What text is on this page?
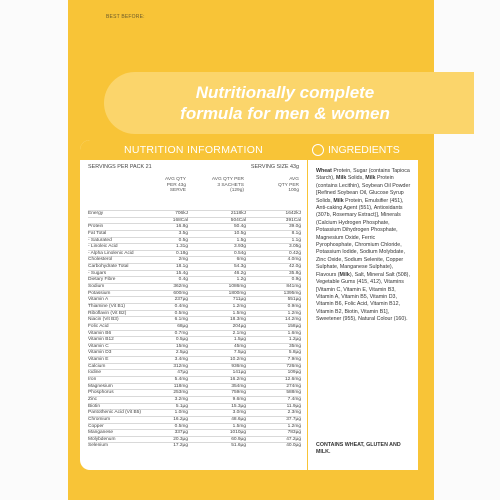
BEST BEFORE:
Nutritionally complete
formula for men & women
NUTRITION INFORMATION
SERVINGS PER PACK 21	SERVING SIZE 43g
AVG QTY
PER 43g
SERVE
AVG QTY PER
3 SACHETS
(129g)
AVG
QTY PER
100g
Energy	706kJ	2118kJ	1642kJ
168Cal	504Cal	391Cal
Protein	16.8g	50.4g	39.0g
Fat Total	3.5g	10.5g	8.1g
- Saturated	0.5g	1.5g	1.1g
- Linoleic Acid	1.31g	3.93g	3.05g
- Alpha Linolenic Acid	0.18g	0.54g	0.42g
Cholesterol	2mg	6mg	4.0mg
Carbohydrate Total	18.1g	54.3g	42.0g
- Sugars	15.4g	46.2g	35.8g
Dietary Fibre	0.4g	1.2g	0.9g
Sodium	362mg	1086mg	841mg
Potassium	600mg	1800mg	1395mg
Vitamin A	237µg	711µg	551µg
Thiamine (Vit B1)	0.4mg	1.2mg	0.9mg
Riboflavin (Vit B2)	0.5mg	1.5mg	1.2mg
Niacin (Vit B3)	6.1mg	18.3mg	14.2mg
Folic Acid	68µg	204µg	158µg
Vitamin B6	0.7mg	2.1mg	1.6mg
Vitamin B12	0.5µg	1.5µg	1.2µg
Vitamin C	15mg	45mg	35mg
Vitamin D3	2.5µg	7.5µg	5.8µg
Vitamin E	3.4mg	10.2mg	7.9mg
Calcium	312mg	936mg	726mg
Iodine	47µg	141µg	109µg
Iron	5.4mg	16.2mg	12.6mg
Magnesium	118mg	354mg	274mg
Phosphorus	253mg	759mg	588mg
Zinc	3.2mg	9.6mg	7.4mg
Biotin	5.1µg	15.3µg	11.9µg
Pantothenic Acid (Vit B5)	1.0mg	3.0mg	2.3mg
Chromium	16.2µg	48.6µg	37.7µg
Copper	0.5mg	1.5mg	1.2mg
Manganese	337µg	1010µg	783µg
Molybdenum	20.3µg	60.9µg	47.2µg
Selenium	17.2µg	51.6µg	40.0µg
INGREDIENTS
Wheat Protein, Sugar (contains Tapioca Starch), Milk Solids, Milk Protein (contains Lecithin), Soybean Oil Powder [Refined Soybean Oil, Glucose Syrup Solids, Milk Protein, Emulsifier (451), Anti-caking Agent (551), Antioxidants (307b, Rosemary Extract)], Minerals (Calcium Hydrogen Phosphate, Potassium Dihydrogen Phosphate, Magnesium Oxide, Ferric Pyrophosphate, Chromium Chloride, Potassium Iodide, Sodium Molybdate, Zinc Oxide, Sodium Selenite, Copper Sulphate, Manganese Sulphate), Flavours (Milk), Salt, Mineral Salt (508), Vegetable Gums (415, 412), Vitamins [Vitamin C, Vitamin E, Vitamin B3, Vitamin A, Vitamin B5, Vitamin D3, Vitamin B6, Folic Acid, Vitamin B12, Vitamin B2, Biotin, Vitamin B1], Sweetener (955), Natural Colour (160).
CONTAINS WHEAT, GLUTEN AND MILK.
